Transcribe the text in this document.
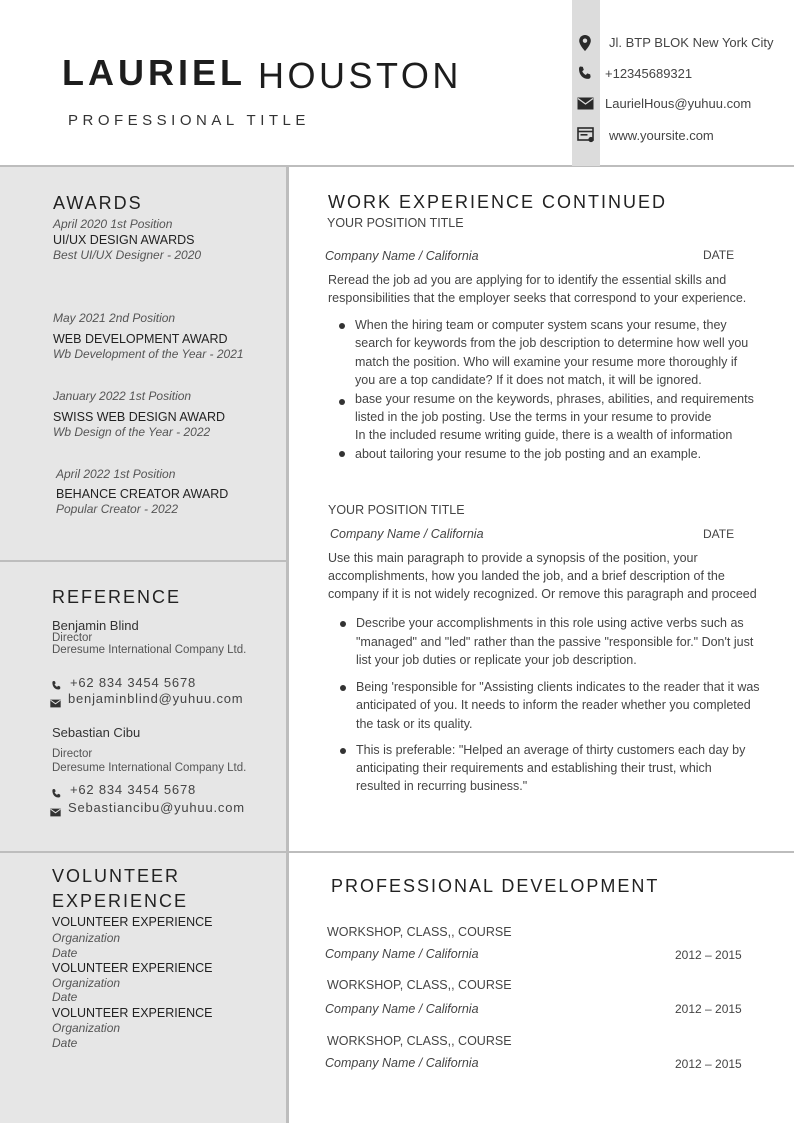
LAURIEL HOUSTON
PROFESSIONAL TITLE
Jl. BTP BLOK New York City
+12345689321
LaurielHous@yuhuu.com
www.yoursite.com
AWARDS
April 2020 1st Position
UI/UX DESIGN AWARDS
Best UI/UX Designer - 2020
May 2021 2nd Position
WEB DEVELOPMENT AWARD
Wb Development of the Year - 2021
January 2022 1st Position
SWISS WEB DESIGN AWARD
Wb Design of the Year - 2022
April 2022 1st Position
BEHANCE CREATOR AWARD
Popular Creator - 2022
REFERENCE
Benjamin Blind
Director
Deresume International Company Ltd.
+62 834 3454 5678
benjaminblind@yuhuu.com
Sebastian Cibu
Director
Deresume International Company Ltd.
+62 834 3454 5678
Sebastiancibu@yuhuu.com
VOLUNTEER
EXPERIENCE
VOLUNTEER EXPERIENCE
Organization
Date
VOLUNTEER EXPERIENCE
Organization
Date
VOLUNTEER EXPERIENCE
Organization
Date
WORK EXPERIENCE CONTINUED
YOUR POSITION TITLE
Company Name / California	DATE
Reread the job ad you are applying for to identify the essential skills and
responsibilities that the employer seeks that correspond to your experience.
When the hiring team or computer system scans your resume, they
search for keywords from the job description to determine how well you
match the position. Who will examine your resume more thoroughly if
you are a top candidate? If it does not match, it will be ignored.
base your resume on the keywords, phrases, abilities, and requirements
listed in the job posting. Use the terms in your resume to provide
In the included resume writing guide, there is a wealth of information
about tailoring your resume to the job posting and an example.
YOUR POSITION TITLE
Company Name / California	DATE
Use this main paragraph to provide a synopsis of the position, your
accomplishments, how you landed the job, and a brief description of the
company if it is not widely recognized. Or remove this paragraph and proceed
Describe your accomplishments in this role using active verbs such as
"managed" and "led" rather than the passive "responsible for." Don't just
list your job duties or replicate your job description.
Being 'responsible for "Assisting clients indicates to the reader that it was
anticipated of you. It needs to inform the reader whether you completed
the task or its quality.
This is preferable: "Helped an average of thirty customers each day by
anticipating their requirements and establishing their trust, which
resulted in recurring business."
PROFESSIONAL DEVELOPMENT
WORKSHOP, CLASS,, COURSE
Company Name / California	2012 – 2015
WORKSHOP, CLASS,, COURSE
Company Name / California	2012 – 2015
WORKSHOP, CLASS,, COURSE
Company Name / California	2012 – 2015
